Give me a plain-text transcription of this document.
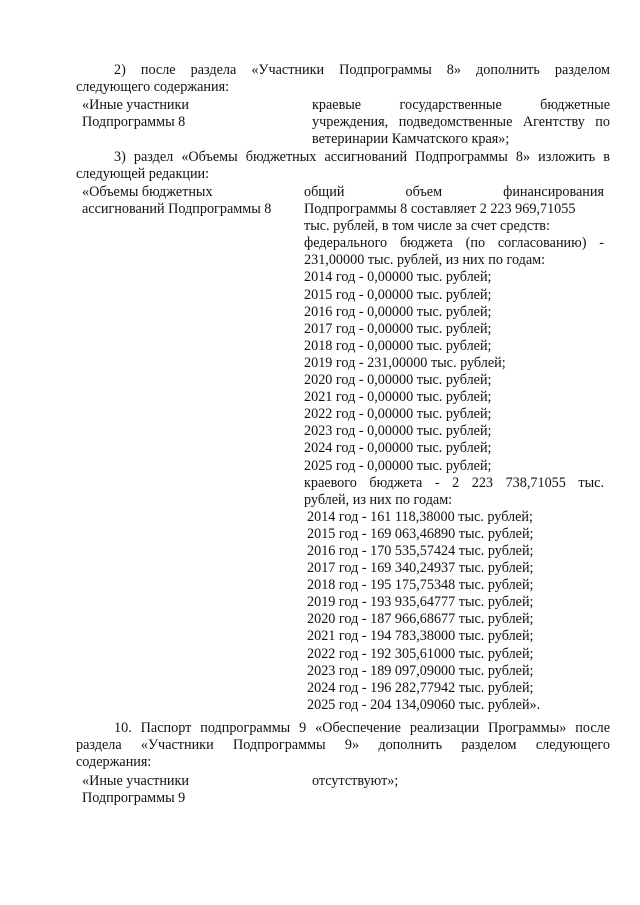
2) после раздела «Участники Подпрограммы 8» дополнить разделом
следующего содержания:
«Иные участники
Подпрограммы 8
краевые государственные бюджетные
учреждения, подведомственные Агентству по
ветеринарии Камчатского края»;
3) раздел «Объемы бюджетных ассигнований Подпрограммы 8» изложить в
следующей редакции:
«Объемы бюджетных
ассигнований Подпрограммы 8
общий объем финансирования
Подпрограммы 8 составляет 2 223 969,71055
тыс. рублей, в том числе за счет средств:
федерального бюджета (по согласованию) -
231,00000 тыс. рублей, из них по годам:
2014 год - 0,00000 тыс. рублей;
2015 год - 0,00000 тыс. рублей;
2016 год - 0,00000 тыс. рублей;
2017 год - 0,00000 тыс. рублей;
2018 год - 0,00000 тыс. рублей;
2019 год - 231,00000 тыс. рублей;
2020 год - 0,00000 тыс. рублей;
2021 год - 0,00000 тыс. рублей;
2022 год - 0,00000 тыс. рублей;
2023 год - 0,00000 тыс. рублей;
2024 год - 0,00000 тыс. рублей;
2025 год - 0,00000 тыс. рублей;
краевого бюджета - 2 223 738,71055 тыс.
рублей, из них по годам:
2014 год - 161 118,38000 тыс. рублей;
2015 год - 169 063,46890 тыс. рублей;
2016 год - 170 535,57424 тыс. рублей;
2017 год - 169 340,24937 тыс. рублей;
2018 год - 195 175,75348 тыс. рублей;
2019 год - 193 935,64777 тыс. рублей;
2020 год - 187 966,68677 тыс. рублей;
2021 год - 194 783,38000 тыс. рублей;
2022 год - 192 305,61000 тыс. рублей;
2023 год - 189 097,09000 тыс. рублей;
2024 год - 196 282,77942 тыс. рублей;
2025 год - 204 134,09060 тыс. рублей».
10. Паспорт подпрограммы 9 «Обеспечение реализации Программы» после
раздела «Участники Подпрограммы 9» дополнить разделом следующего
содержания:
«Иные участники
Подпрограммы 9
отсутствуют»;
